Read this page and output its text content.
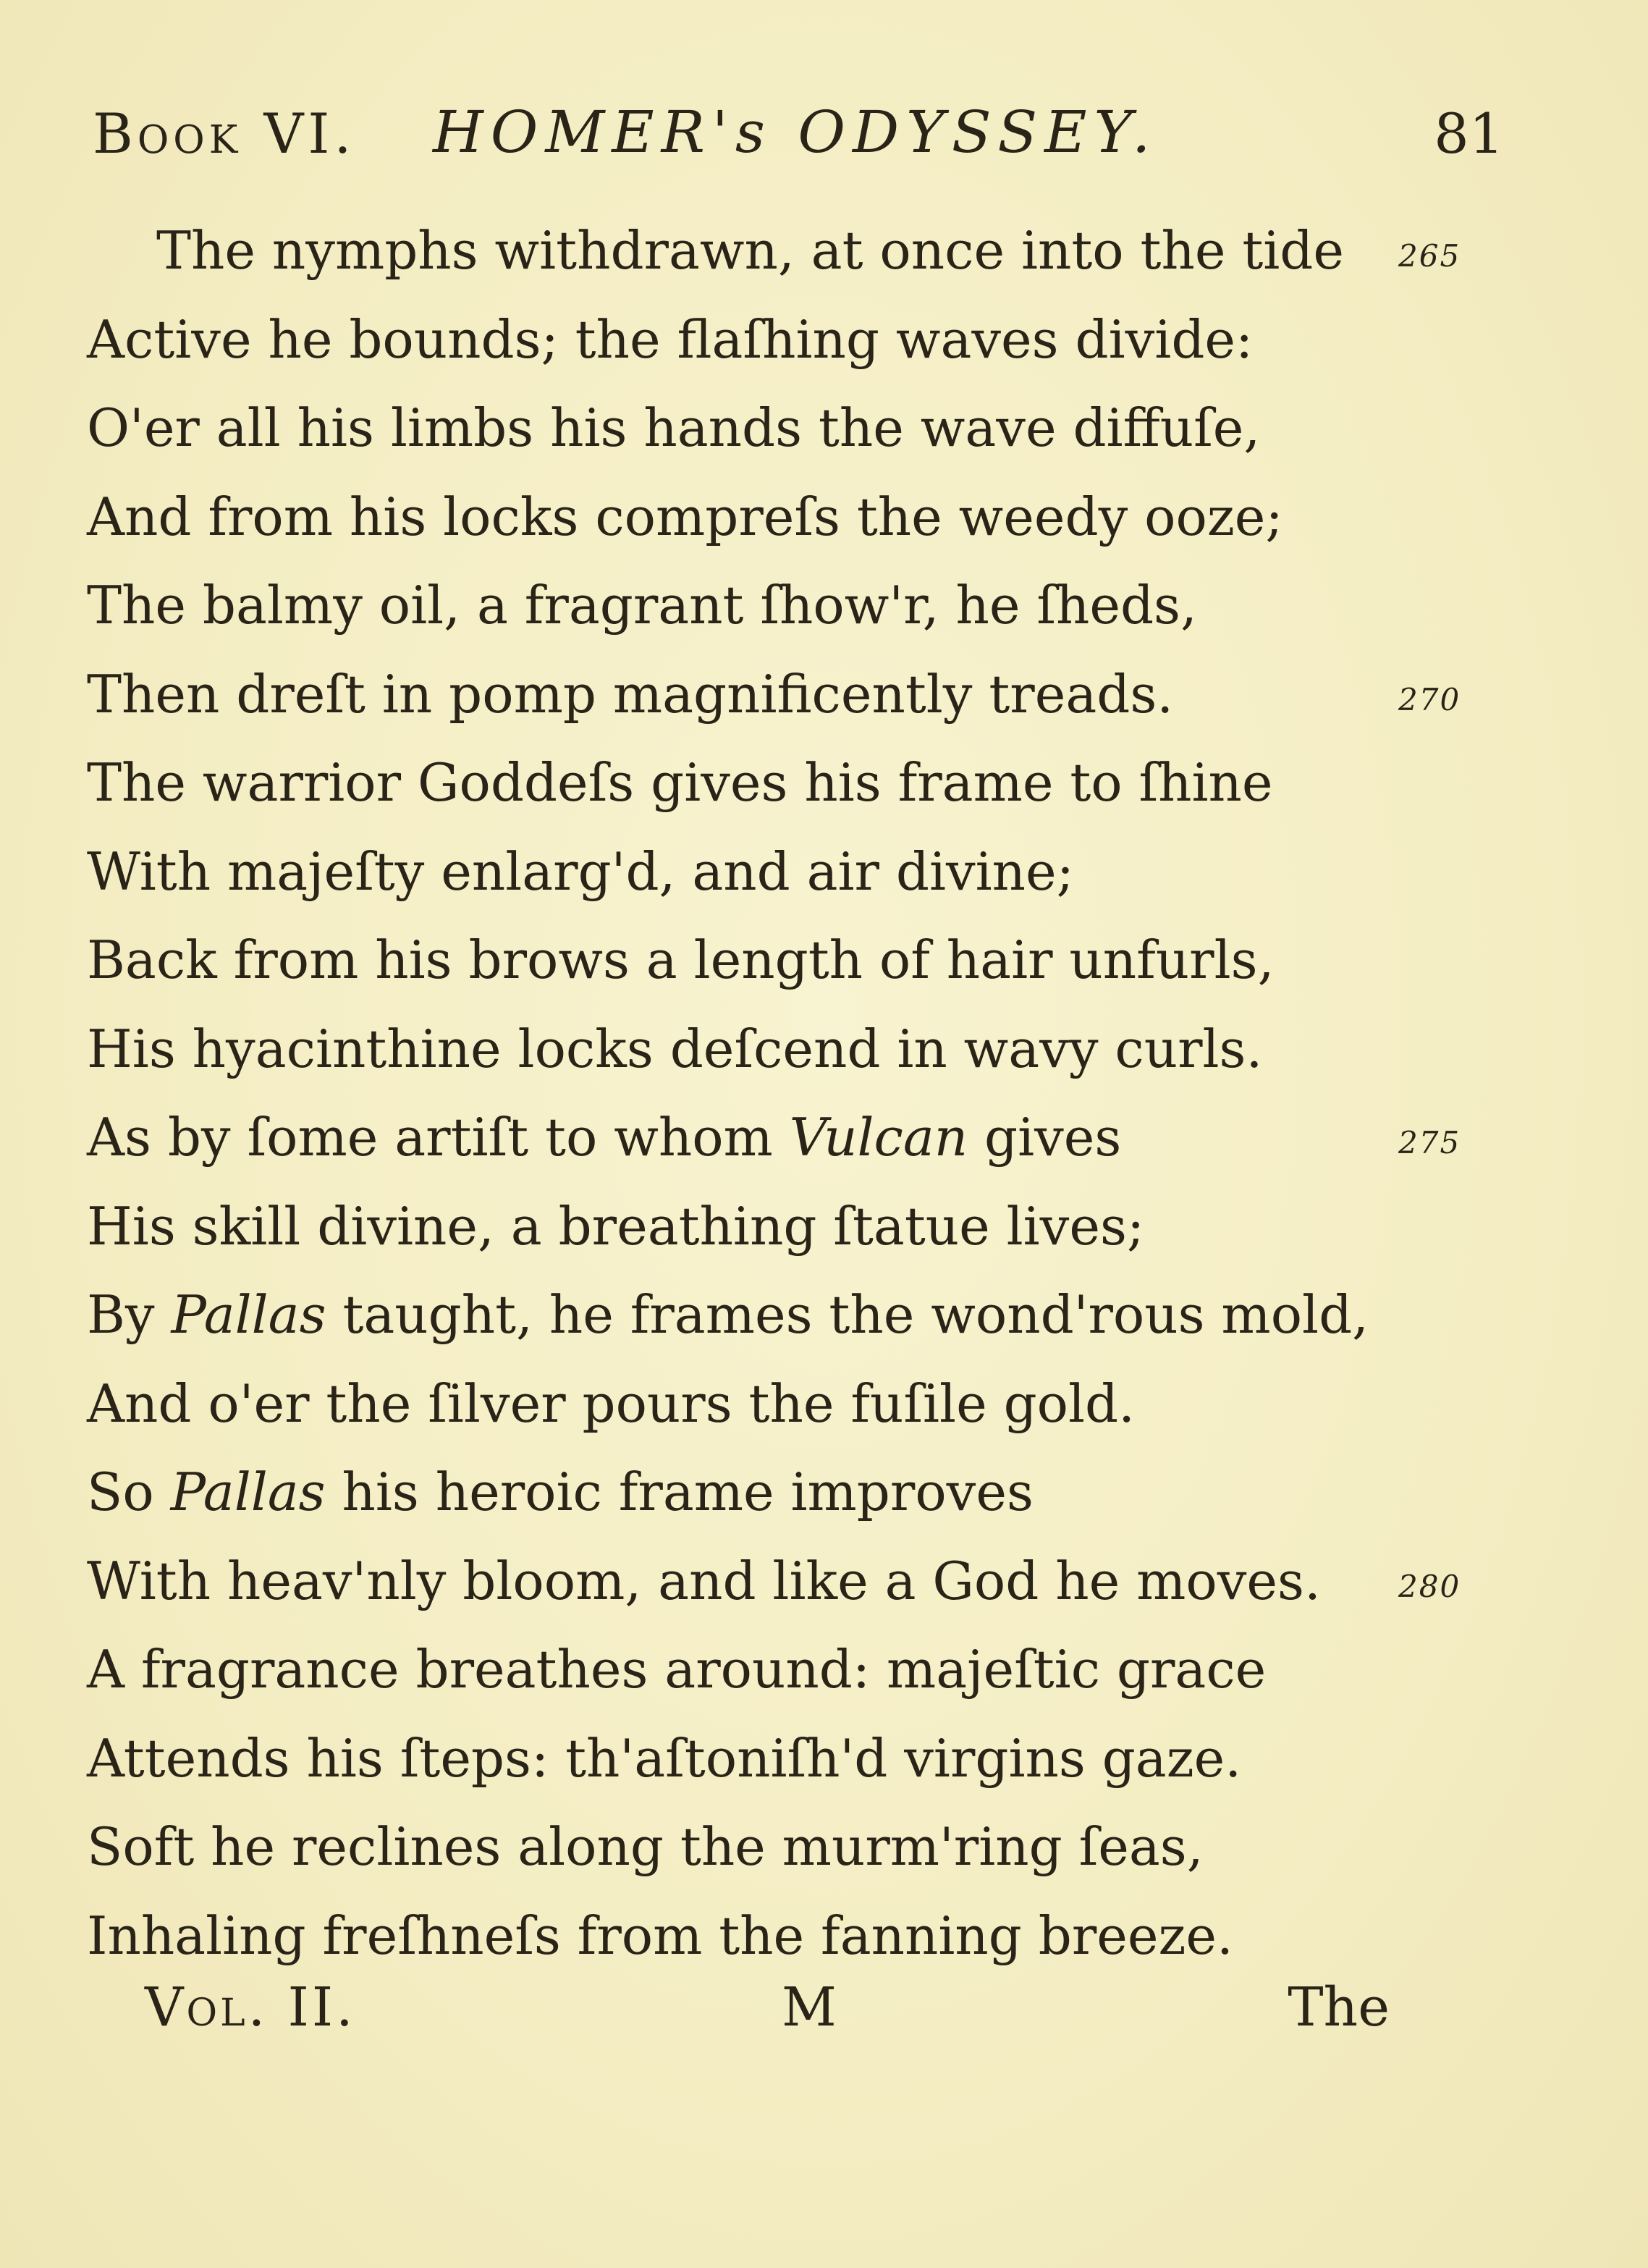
Book VI. HOMER's ODYSSEY.	81
The nymphs withdrawn, at once into the tide 265
Active he bounds; the flaſhing waves divide:
O'er all his limbs his hands the wave diffuſe,
And from his locks compreſs the weedy ooze;
The balmy oil, a fragrant ſhow'r, he ſheds,
Then dreſt in pomp magnificently treads.	270
The warrior Goddeſs gives his frame to ſhine
With majeſty enlarg'd, and air divine;
Back from his brows a length of hair unfurls,
His hyacinthine locks deſcend in wavy curls.
As by ſome artiſt to whom Vulcan gives	275
His skill divine, a breathing ſtatue lives;
By Pallas taught, he frames the wond'rous mold,
And o'er the ſilver pours the fuſile gold.
So Pallas his heroic frame improves
With heav'nly bloom, and like a God he moves.	280
A fragrance breathes around: majeſtic grace
Attends his ſteps: th'aſtoniſh'd virgins gaze.
Soft he reclines along the murm'ring ſeas,
Inhaling freſhneſs from the fanning breeze.
Vol. II.	M	The
